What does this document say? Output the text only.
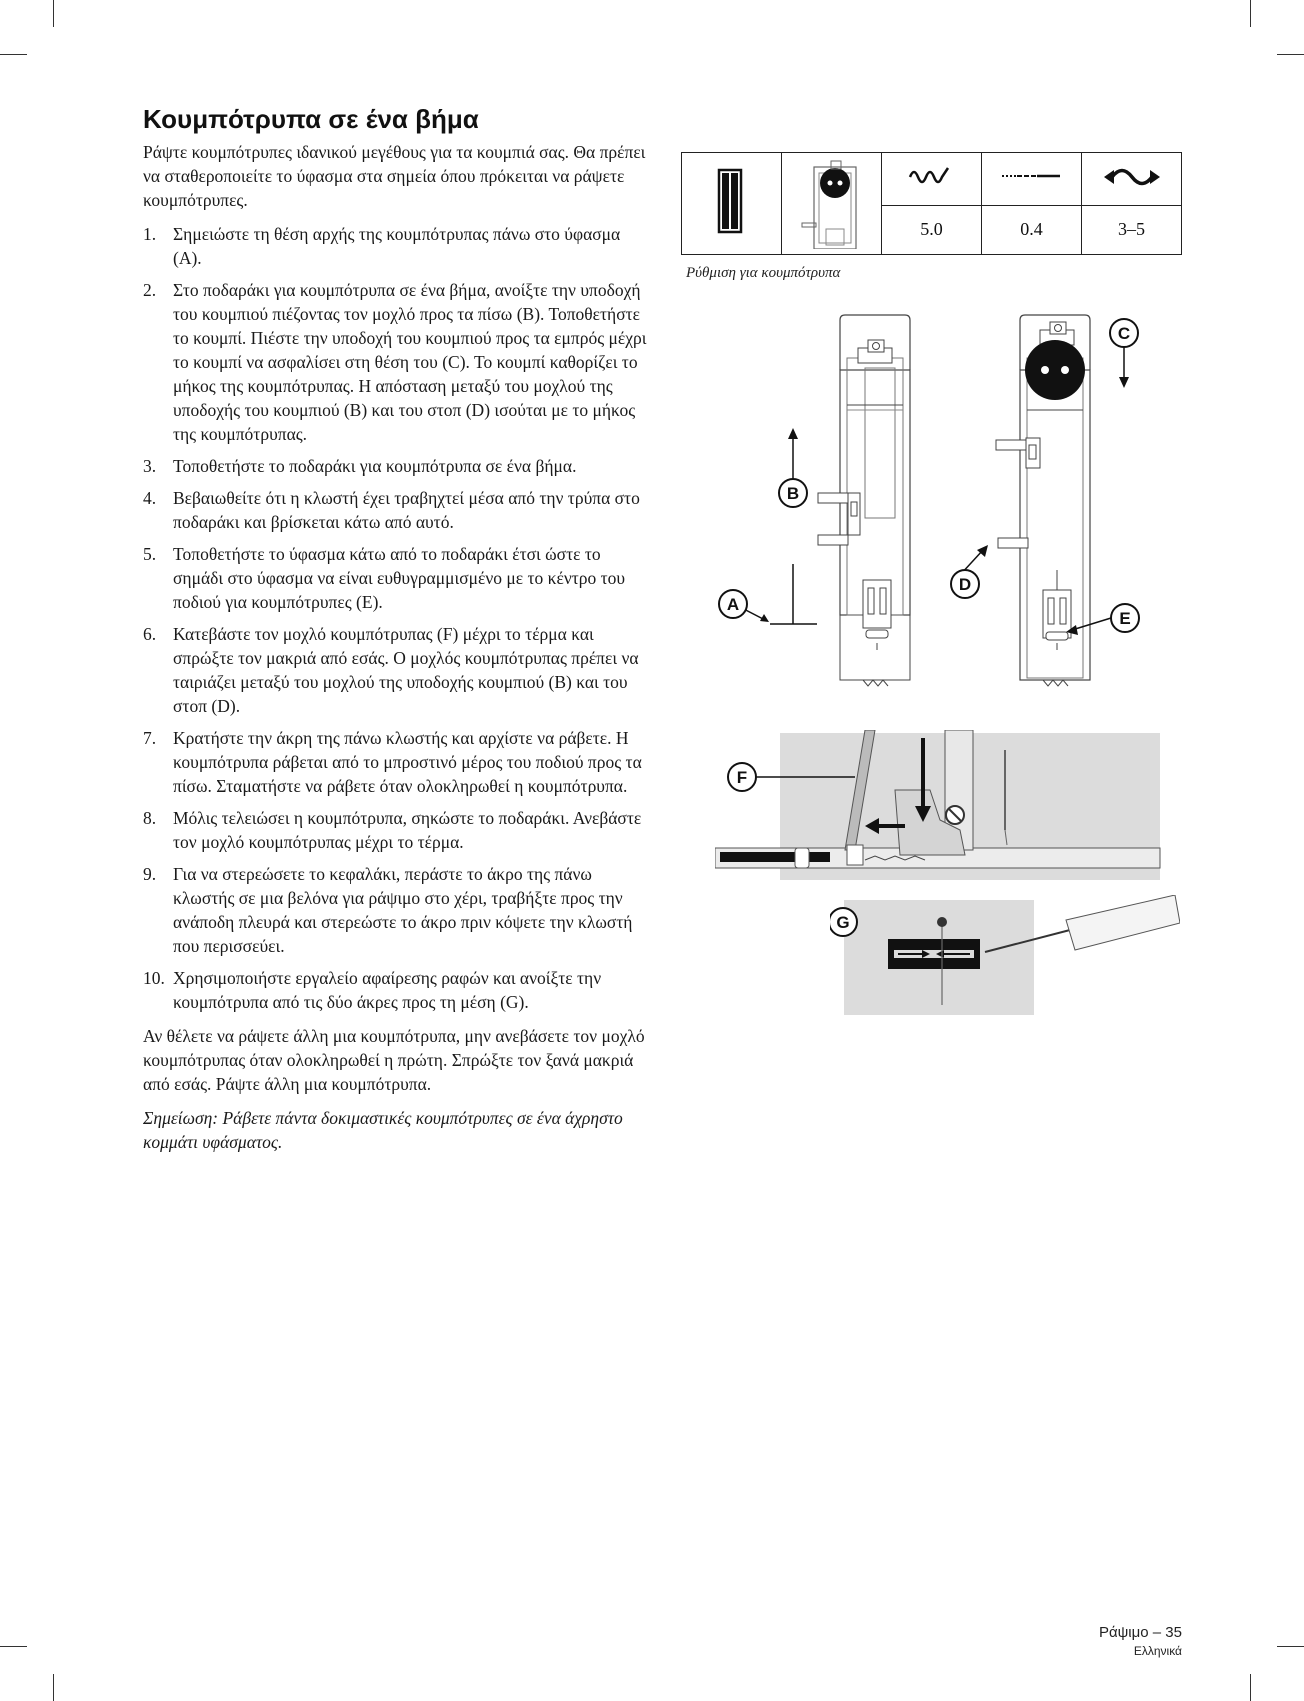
Κουμπότρυπα σε ένα βήμα

Ράψτε κουμπότρυπες ιδανικού μεγέθους για τα κουμπιά σας. Θα πρέπει να σταθεροποιείτε το ύφασμα στα σημεία όπου πρόκειται να ράψετε κουμπότρυπες.

1. Σημειώστε τη θέση αρχής της κουμπότρυπας πάνω στο ύφασμα (A).
2. Στο ποδαράκι για κουμπότρυπα σε ένα βήμα, ανοίξτε την υποδοχή του κουμπιού πιέζοντας τον μοχλό προς τα πίσω (B). Τοποθετήστε το κουμπί. Πιέστε την υποδοχή του κουμπιού προς τα εμπρός μέχρι το κουμπί να ασφαλίσει στη θέση του (C). Το κουμπί καθορίζει το μήκος της κουμπότρυπας. Η απόσταση μεταξύ του μοχλού της υποδοχής του κουμπιού (B) και του στοπ (D) ισούται με το μήκος της κουμπότρυπας.
3. Τοποθετήστε το ποδαράκι για κουμπότρυπα σε ένα βήμα.
4. Βεβαιωθείτε ότι η κλωστή έχει τραβηχτεί μέσα από την τρύπα στο ποδαράκι και βρίσκεται κάτω από αυτό.
5. Τοποθετήστε το ύφασμα κάτω από το ποδαράκι έτσι ώστε το σημάδι στο ύφασμα να είναι ευθυγραμμισμένο με το κέντρο του ποδιού για κουμπότρυπες (E).
6. Κατεβάστε τον μοχλό κουμπότρυπας (F) μέχρι το τέρμα και σπρώξτε τον μακριά από εσάς. Ο μοχλός κουμπότρυπας πρέπει να ταιριάζει μεταξύ του μοχλού της υποδοχής κουμπιού (B) και του στοπ (D).
7. Κρατήστε την άκρη της πάνω κλωστής και αρχίστε να ράβετε. Η κουμπότρυπα ράβεται από το μπροστινό μέρος του ποδιού προς τα πίσω. Σταματήστε να ράβετε όταν ολοκληρωθεί η κουμπότρυπα.
8. Μόλις τελειώσει η κουμπότρυπα, σηκώστε το ποδαράκι. Ανεβάστε τον μοχλό κουμπότρυπας μέχρι το τέρμα.
9. Για να στερεώσετε το κεφαλάκι, περάστε το άκρο της πάνω κλωστής σε μια βελόνα για ράψιμο στο χέρι, τραβήξτε προς την ανάποδη πλευρά και στερεώστε το άκρο πριν κόψετε την κλωστή που περισσεύει.
10. Χρησιμοποιήστε εργαλείο αφαίρεσης ραφών και ανοίξτε την κουμπότρυπα από τις δύο άκρες προς τη μέση (G).

Αν θέλετε να ράψετε άλλη μια κουμπότρυπα, μην ανεβάσετε τον μοχλό κουμπότρυπας όταν ολοκληρωθεί η πρώτη. Σπρώξτε τον ξανά μακριά από εσάς. Ράψτε άλλη μια κουμπότρυπα.

Σημείωση: Ράβετε πάντα δοκιμαστικές κουμπότρυπες σε ένα άχρηστο κομμάτι υφάσματος.

		5.0	0.4	3–5
Ρύθμιση για κουμπότρυπα
A
B
C
D
E
F
G
Ράψιμο – 35
Ελληνικά
